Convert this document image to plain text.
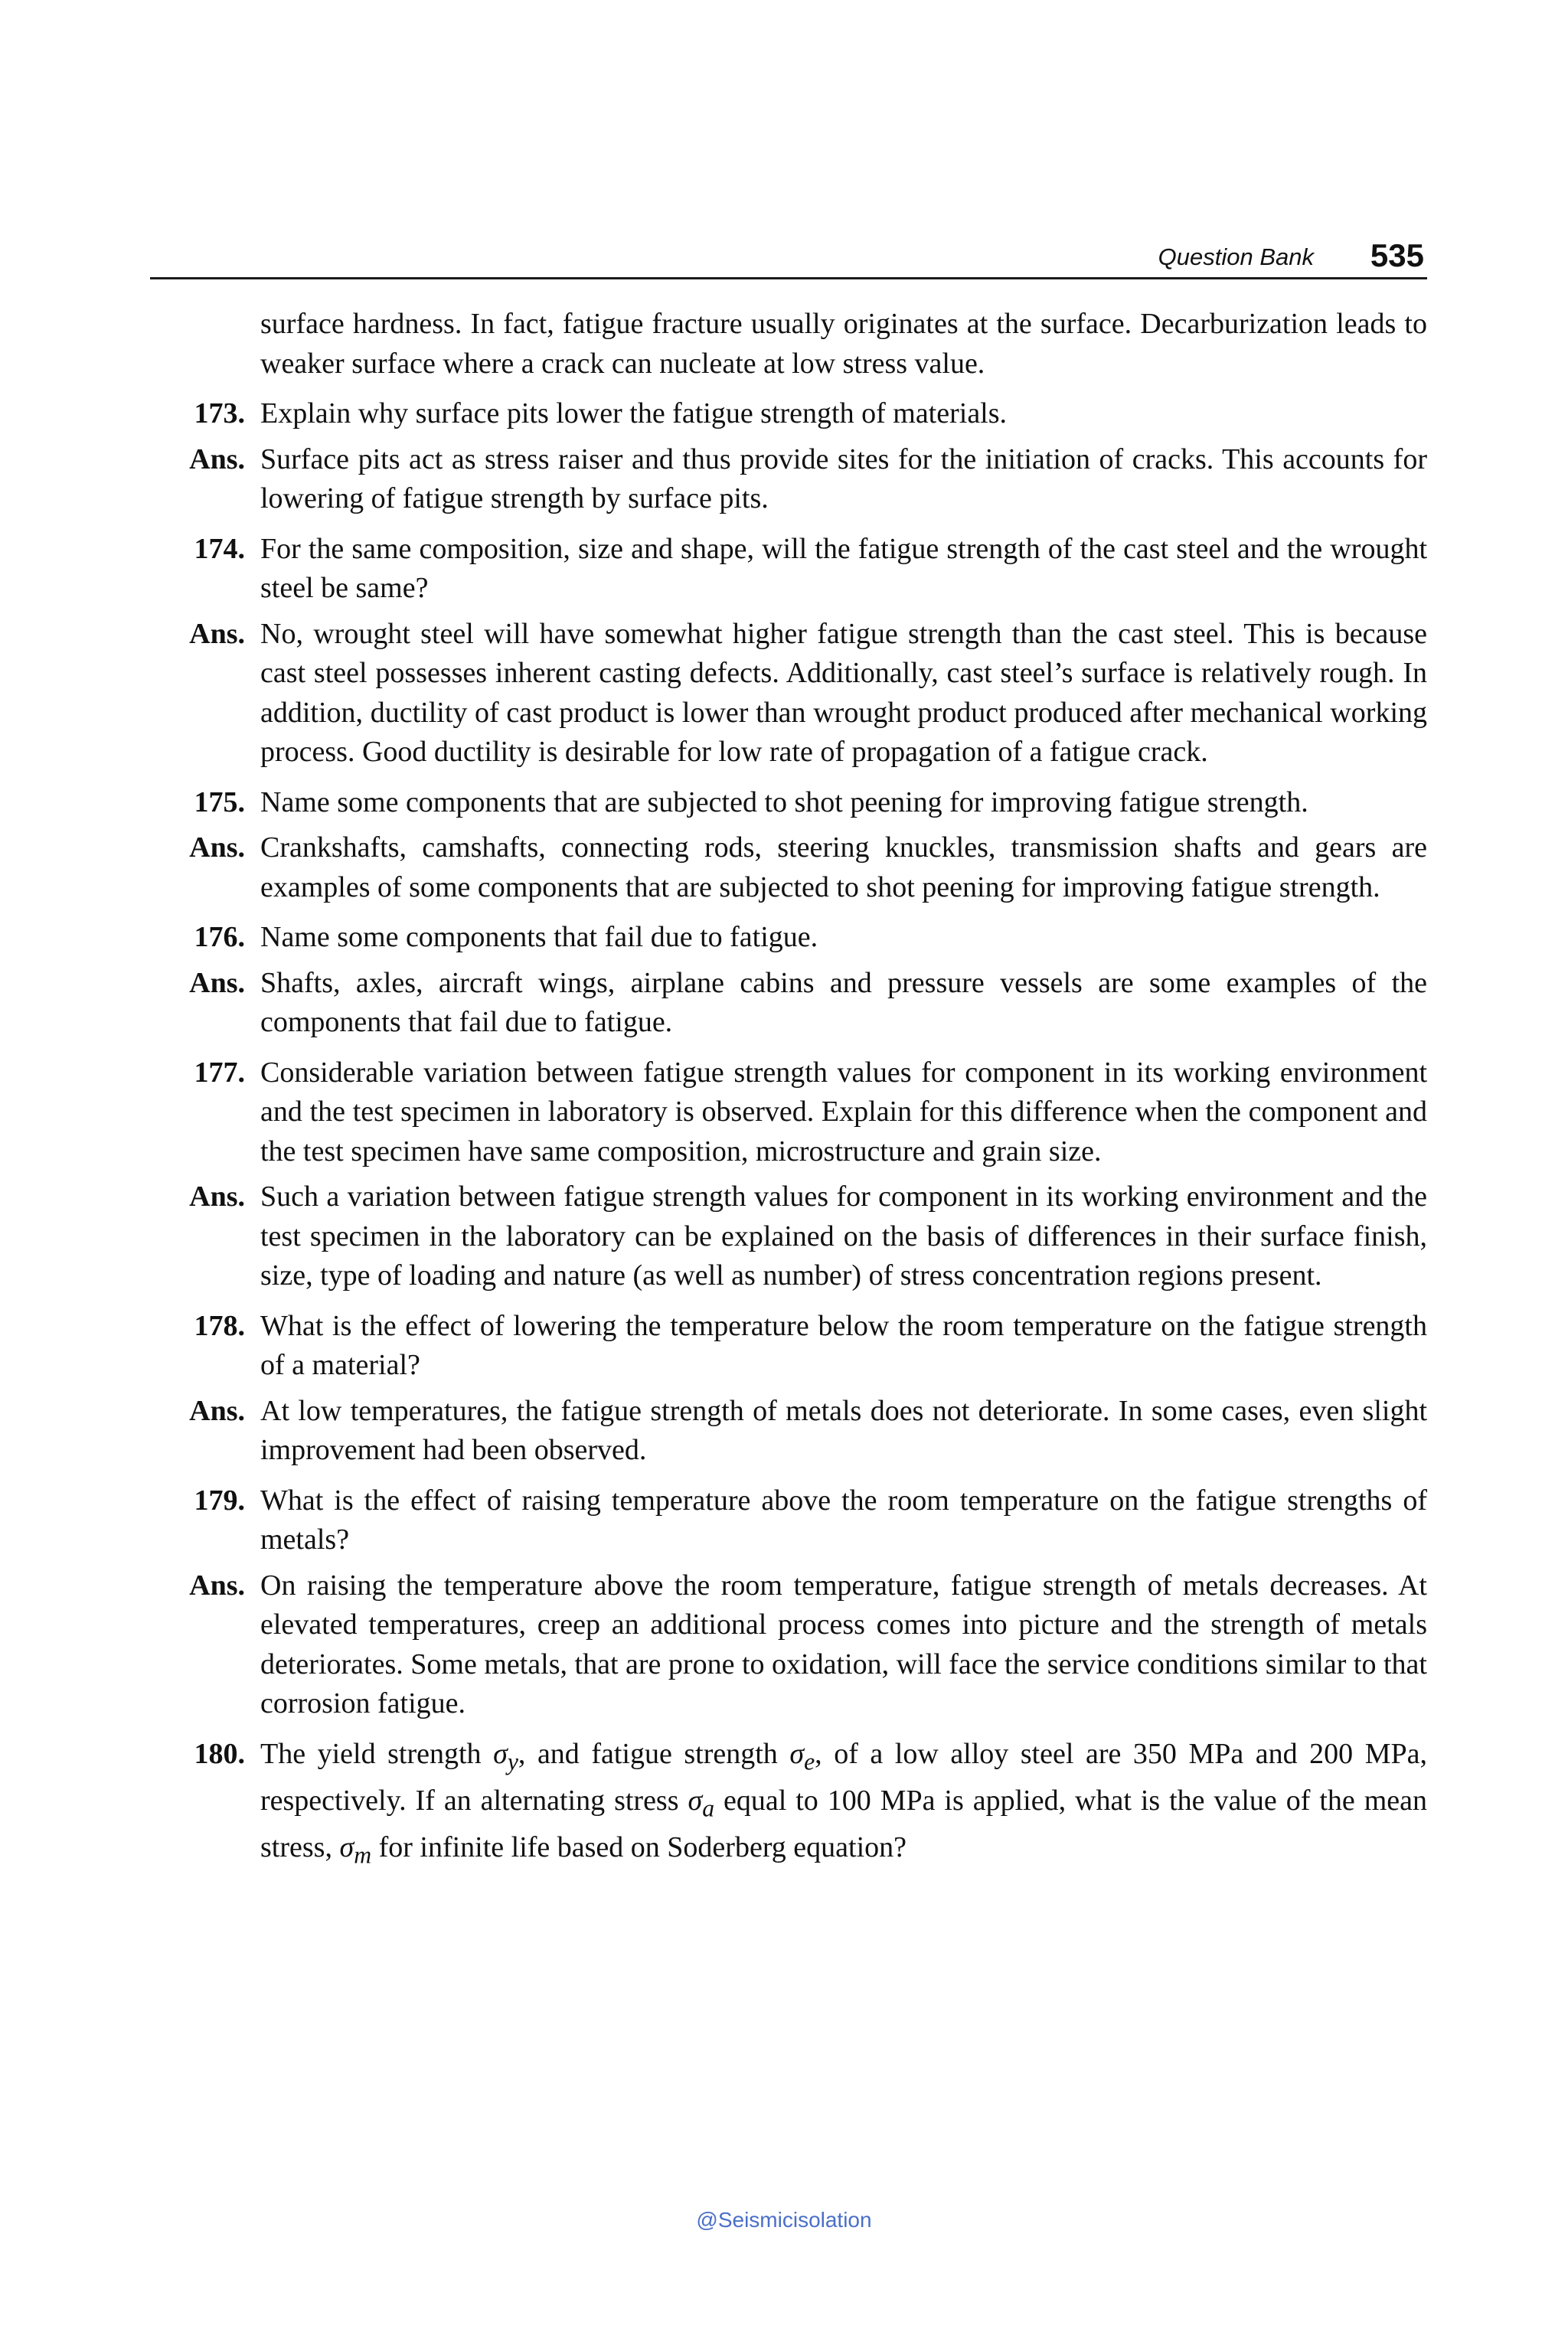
Question Bank 535
surface hardness. In fact, fatigue fracture usually originates at the surface. Decarburization leads to weaker surface where a crack can nucleate at low stress value.
173. Explain why surface pits lower the fatigue strength of materials.
Ans. Surface pits act as stress raiser and thus provide sites for the initiation of cracks. This accounts for lowering of fatigue strength by surface pits.
174. For the same composition, size and shape, will the fatigue strength of the cast steel and the wrought steel be same?
Ans. No, wrought steel will have somewhat higher fatigue strength than the cast steel. This is because cast steel possesses inherent casting defects. Additionally, cast steel’s surface is relatively rough. In addition, ductility of cast product is lower than wrought product produced after mechanical working process. Good ductility is desirable for low rate of propagation of a fatigue crack.
175. Name some components that are subjected to shot peening for improving fatigue strength.
Ans. Crankshafts, camshafts, connecting rods, steering knuckles, transmission shafts and gears are examples of some components that are subjected to shot peening for improving fatigue strength.
176. Name some components that fail due to fatigue.
Ans. Shafts, axles, aircraft wings, airplane cabins and pressure vessels are some examples of the components that fail due to fatigue.
177. Considerable variation between fatigue strength values for component in its working environment and the test specimen in laboratory is observed. Explain for this difference when the component and the test specimen have same composition, microstructure and grain size.
Ans. Such a variation between fatigue strength values for component in its working environment and the test specimen in the laboratory can be explained on the basis of differences in their surface finish, size, type of loading and nature (as well as number) of stress concentration regions present.
178. What is the effect of lowering the temperature below the room temperature on the fatigue strength of a material?
Ans. At low temperatures, the fatigue strength of metals does not deteriorate. In some cases, even slight improvement had been observed.
179. What is the effect of raising temperature above the room temperature on the fatigue strengths of metals?
Ans. On raising the temperature above the room temperature, fatigue strength of metals decreases. At elevated temperatures, creep an additional process comes into picture and the strength of metals deteriorates. Some metals, that are prone to oxidation, will face the service conditions similar to that corrosion fatigue.
180. The yield strength $\sigma_y$, and fatigue strength $\sigma_e$, of a low alloy steel are 350 MPa and 200 MPa, respectively. If an alternating stress $\sigma_a$ equal to 100 MPa is applied, what is the value of the mean stress, $\sigma_m$ for infinite life based on Soderberg equation?
@Seismicisolation
